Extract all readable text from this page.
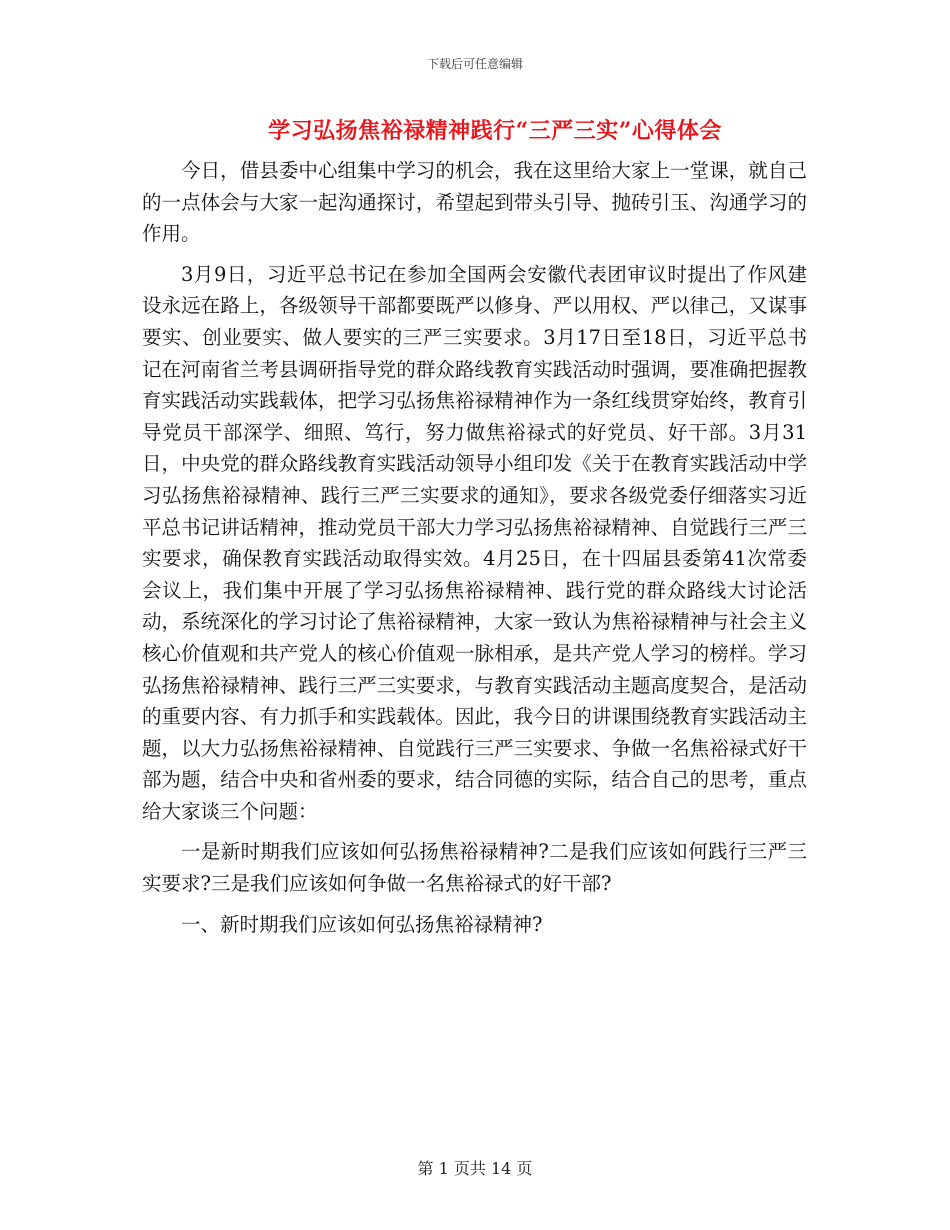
下载后可任意编辑
学习弘扬焦裕禄精神践行“三严三实”心得体会

今日，借县委中心组集中学习的机会，我在这里给大家上一堂课，就自己的一点体会与大家一起沟通探讨，希望起到带头引导、抛砖引玉、沟通学习的作用。

3月9日，习近平总书记在参加全国两会安徽代表团审议时提出了作风建设永远在路上，各级领导干部都要既严以修身、严以用权、严以律己，又谋事要实、创业要实、做人要实的三严三实要求。3月17日至18日，习近平总书记在河南省兰考县调研指导党的群众路线教育实践活动时强调，要准确把握教育实践活动实践载体，把学习弘扬焦裕禄精神作为一条红线贯穿始终，教育引导党员干部深学、细照、笃行，努力做焦裕禄式的好党员、好干部。3月31日，中央党的群众路线教育实践活动领导小组印发《关于在教育实践活动中学习弘扬焦裕禄精神、践行三严三实要求的通知》，要求各级党委仔细落实习近平总书记讲话精神，推动党员干部大力学习弘扬焦裕禄精神、自觉践行三严三实要求，确保教育实践活动取得实效。4月25日，在十四届县委第41次常委会议上，我们集中开展了学习弘扬焦裕禄精神、践行党的群众路线大讨论活动，系统深化的学习讨论了焦裕禄精神，大家一致认为焦裕禄精神与社会主义核心价值观和共产党人的核心价值观一脉相承，是共产党人学习的榜样。学习弘扬焦裕禄精神、践行三严三实要求，与教育实践活动主题高度契合，是活动的重要内容、有力抓手和实践载体。因此，我今日的讲课围绕教育实践活动主题，以大力弘扬焦裕禄精神、自觉践行三严三实要求、争做一名焦裕禄式好干部为题，结合中央和省州委的要求，结合同德的实际，结合自己的思考，重点给大家谈三个问题：

一是新时期我们应该如何弘扬焦裕禄精神?二是我们应该如何践行三严三实要求?三是我们应该如何争做一名焦裕禄式的好干部?

一、新时期我们应该如何弘扬焦裕禄精神?

第 1 页共 14 页
